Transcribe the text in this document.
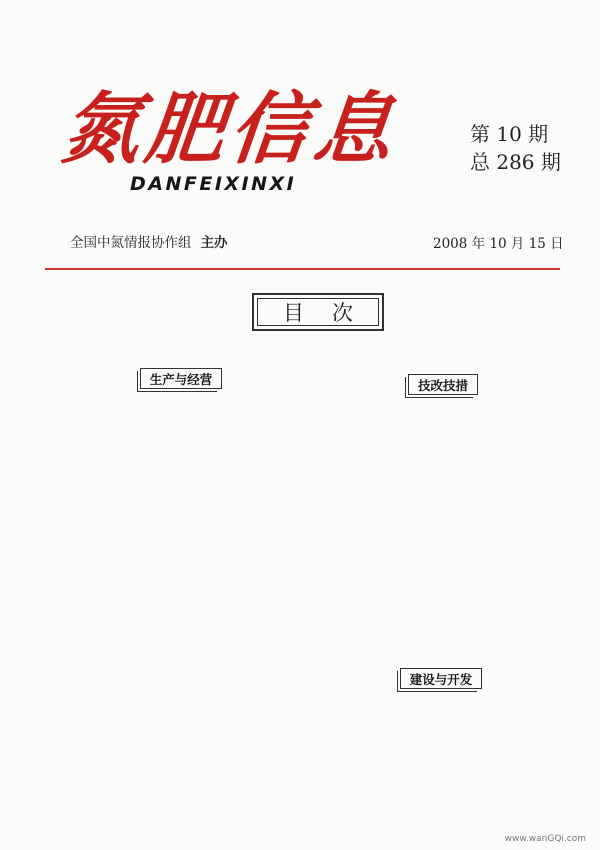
氮肥信息
DANFEIXINXI
第 10 期
总 286 期
全国中氮情报协作组 主办	2008 年 10 月 15 日
目次
生产与经营	技改技措
建设与开发
www.wanGQi.com
